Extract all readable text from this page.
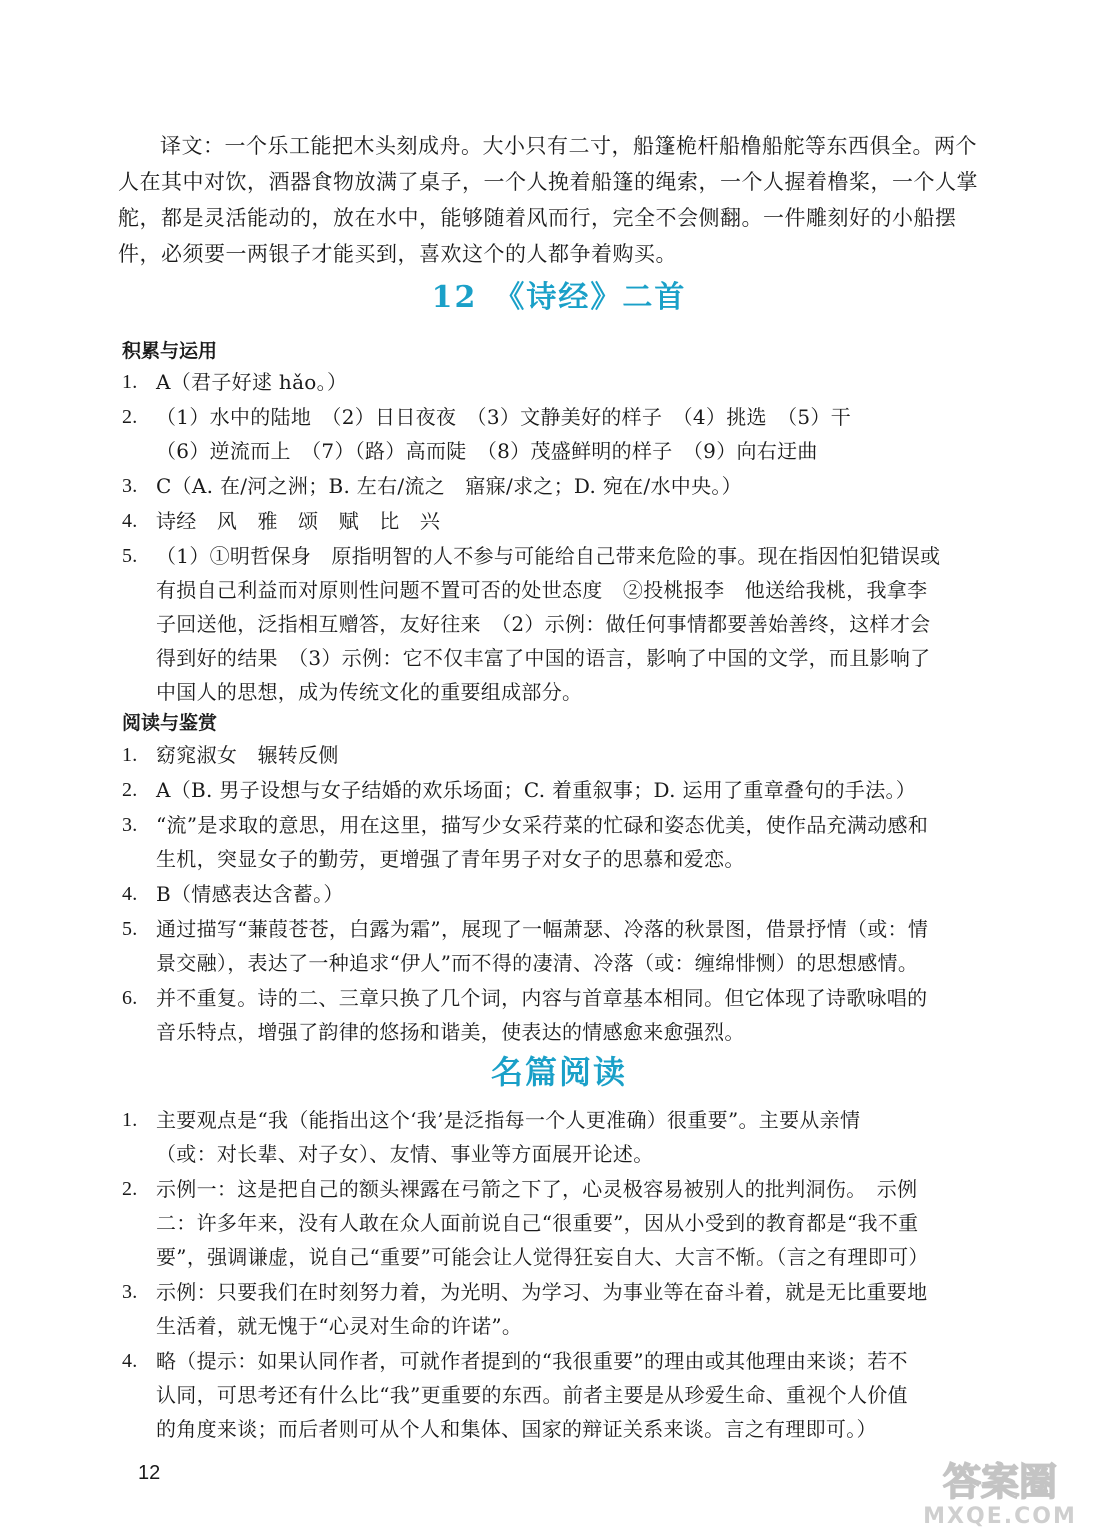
译文：一个乐工能把木头刻成舟。大小只有二寸，船篷桅杆船橹船舵等东西俱全。两个人在其中对饮，酒器食物放满了桌子，一个人挽着船篷的绳索，一个人握着橹桨，一个人掌舵，都是灵活能动的，放在水中，能够随着风而行，完全不会侧翻。一件雕刻好的小船摆件，必须要一两银子才能买到，喜欢这个的人都争着购买。

12　《诗经》二首
积累与运用
1. A（君子好逑 hǎo。）
2. （1）水中的陆地　（2）日日夜夜　（3）文静美好的样子　（4）挑选　（5）干
（6）逆流而上　（7）（路）高而陡　（8）茂盛鲜明的样子　（9）向右迂曲
3. C（A. 在/河之洲；B. 左右/流之　寤寐/求之；D. 宛在/水中央。）
4. 诗经　风　雅　颂　赋　比　兴
5. （1）①明哲保身　原指明智的人不参与可能给自己带来危险的事。现在指因怕犯错误或
有损自己利益而对原则性问题不置可否的处世态度　②投桃报李　他送给我桃，我拿李
子回送他，泛指相互赠答，友好往来　（2）示例：做任何事情都要善始善终，这样才会
得到好的结果　（3）示例：它不仅丰富了中国的语言，影响了中国的文学，而且影响了
中国人的思想，成为传统文化的重要组成部分。
阅读与鉴赏
1. 窈窕淑女　辗转反侧
2. A（B. 男子设想与女子结婚的欢乐场面；C. 着重叙事；D. 运用了重章叠句的手法。）
3. “流”是求取的意思，用在这里，描写少女采荇菜的忙碌和姿态优美，使作品充满动感和
生机，突显女子的勤劳，更增强了青年男子对女子的思慕和爱恋。
4. B（情感表达含蓄。）
5. 通过描写“蒹葭苍苍，白露为霜”，展现了一幅萧瑟、冷落的秋景图，借景抒情（或：情
景交融），表达了一种追求“伊人”而不得的凄清、冷落（或：缠绵悱恻）的思想感情。
6. 并不重复。诗的二、三章只换了几个词，内容与首章基本相同。但它体现了诗歌咏唱的
音乐特点，增强了韵律的悠扬和谐美，使表达的情感愈来愈强烈。
名篇阅读
1. 主要观点是“我（能指出这个‘我’是泛指每一个人更准确）很重要”。主要从亲情
（或：对长辈、对子女）、友情、事业等方面展开论述。
2. 示例一：这是把自己的额头裸露在弓箭之下了，心灵极容易被别人的批判洞伤。　示例
二：许多年来，没有人敢在众人面前说自己“很重要”，因从小受到的教育都是“我不重
要”，强调谦虚，说自己“重要”可能会让人觉得狂妄自大、大言不惭。（言之有理即可）
3. 示例：只要我们在时刻努力着，为光明、为学习、为事业等在奋斗着，就是无比重要地
生活着，就无愧于“心灵对生命的许诺”。
4. 略（提示：如果认同作者，可就作者提到的“我很重要”的理由或其他理由来谈；若不
认同，可思考还有什么比“我”更重要的东西。前者主要是从珍爱生命、重视个人价值
的角度来谈；而后者则可从个人和集体、国家的辩证关系来谈。言之有理即可。）
12	答案圈
MXQE.COM
